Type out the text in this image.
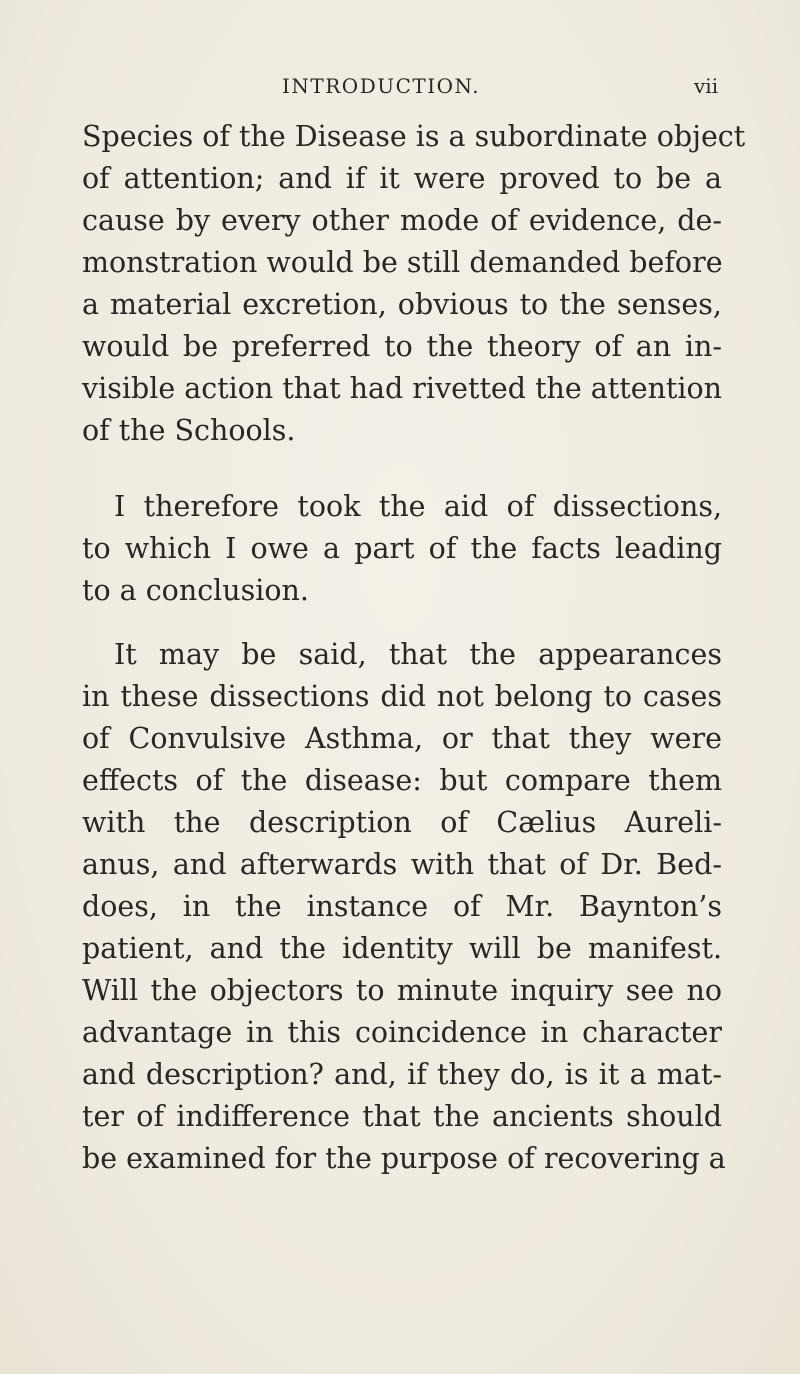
INTRODUCTION.	vii
Species of the Disease is a subordinate object
of attention; and if it were proved to be a
cause by every other mode of evidence, de-
monstration would be still demanded before
a material excretion, obvious to the senses,
would be preferred to the theory of an in-
visible action that had rivetted the attention
of the Schools.
I therefore took the aid of dissections,
to which I owe a part of the facts leading
to a conclusion.
It may be said, that the appearances
in these dissections did not belong to cases
of Convulsive Asthma, or that they were
effects of the disease: but compare them
with the description of Cælius Aureli-
anus, and afterwards with that of Dr. Bed-
does, in the instance of Mr. Baynton’s
patient, and the identity will be manifest.
Will the objectors to minute inquiry see no
advantage in this coincidence in character
and description? and, if they do, is it a mat-
ter of indifference that the ancients should
be examined for the purpose of recovering a
